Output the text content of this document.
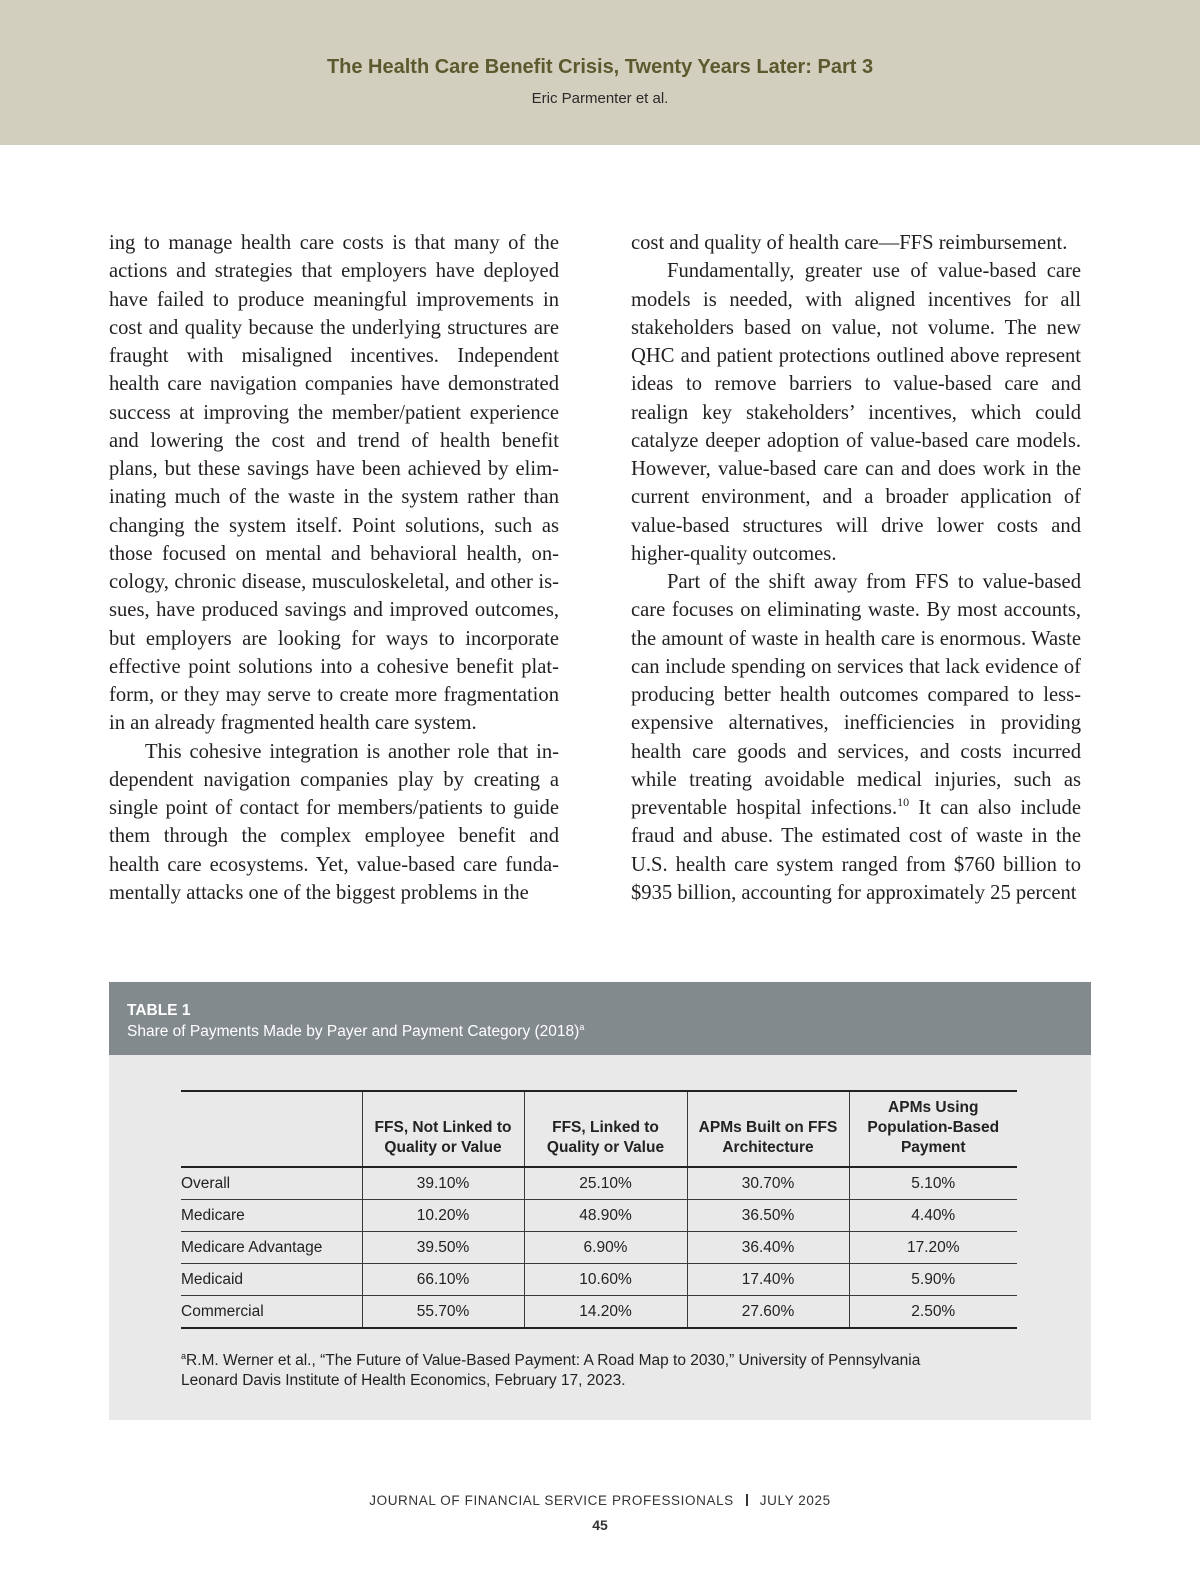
The Health Care Benefit Crisis, Twenty Years Later: Part 3
Eric Parmenter et al.

ing to manage health care costs is that many of the actions and strategies that employers have deployed have failed to produce meaningful improvements in cost and quality because the underlying structures are fraught with misaligned incentives. Independent health care navigation companies have demonstrated success at improving the member/patient experience and lowering the cost and trend of health benefit plans, but these savings have been achieved by eliminating much of the waste in the system rather than changing the system itself. Point solutions, such as those focused on mental and behavioral health, oncology, chronic disease, musculoskeletal, and other issues, have produced savings and improved outcomes, but employers are looking for ways to incorporate effective point solutions into a cohesive benefit platform, or they may serve to create more fragmentation in an already fragmented health care system.

This cohesive integration is another role that independent navigation companies play by creating a single point of contact for members/patients to guide them through the complex employee benefit and health care ecosystems. Yet, value-based care fundamentally attacks one of the biggest problems in the

cost and quality of health care—FFS reimbursement.

Fundamentally, greater use of value-based care models is needed, with aligned incentives for all stakeholders based on value, not volume. The new QHC and patient protections outlined above represent ideas to remove barriers to value-based care and realign key stakeholders’ incentives, which could catalyze deeper adoption of value-based care models. However, value-based care can and does work in the current environment, and a broader application of value-based structures will drive lower costs and higher-quality outcomes.

Part of the shift away from FFS to value-based care focuses on eliminating waste. By most accounts, the amount of waste in health care is enormous. Waste can include spending on services that lack evidence of producing better health outcomes compared to less-expensive alternatives, inefficiencies in providing health care goods and services, and costs incurred while treating avoidable medical injuries, such as preventable hospital infections.$^{10}$ It can also include fraud and abuse. The estimated cost of waste in the U.S. health care system ranged from $760 billion to $935 billion, accounting for approximately 25 percent

TABLE 1
Share of Payments Made by Payer and Payment Category $(2018)^a$
	FFS, Not Linked to Quality or Value	FFS, Linked to Quality or Value	APMs Built on FFS Architecture	APMs Using Population-Based Payment
Overall	39.10%	25.10%	30.70%	5.10%
Medicare	10.20%	48.90%	36.50%	4.40%
Medicare Advantage	39.50%	6.90%	36.40%	17.20%
Medicaid	66.10%	10.60%	17.40%	5.90%
Commercial	55.70%	14.20%	27.60%	2.50%
$^a$R.M. Werner et al., “The Future of Value-Based Payment: A Road Map to 2030,” University of Pennsylvania Leonard Davis Institute of Health Economics, February 17, 2023.
JOURNAL OF FINANCIAL SERVICE PROFESSIONALS JULY 2025
45
